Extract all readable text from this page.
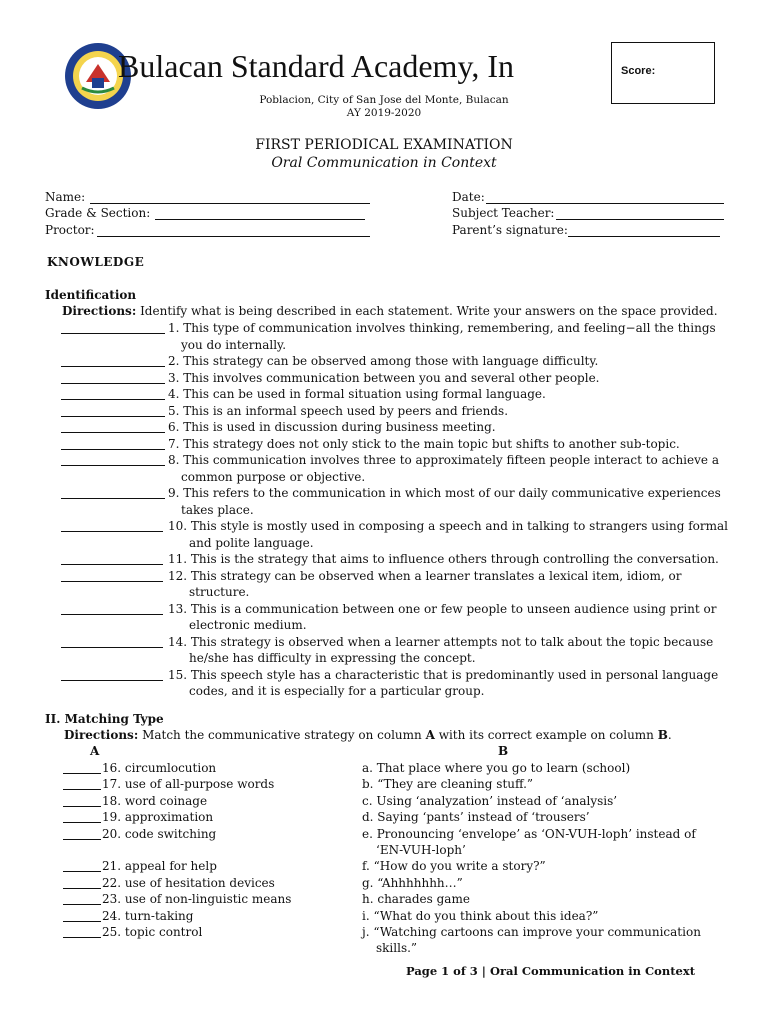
Bulacan Standard Academy, In	Score:
Poblacion, City of San Jose del Monte, Bulacan
AY 2019-2020
FIRST PERIODICAL EXAMINATION
Oral Communication in Context
Name:
Grade & Section:
Proctor:
Date:
Subject Teacher:
Parent’s signature:
KNOWLEDGE
Identification
Directions: Identify what is being described in each statement. Write your answers on the space provided.
1. This type of communication involves thinking, remembering, and feeling−all the things
you do internally.
2. This strategy can be observed among those with language difficulty.
3. This involves communication between you and several other people.
4. This can be used in formal situation using formal language.
5. This is an informal speech used by peers and friends.
6. This is used in discussion during business meeting.
7. This strategy does not only stick to the main topic but shifts to another sub-topic.
8. This communication involves three to approximately fifteen people interact to achieve a
common purpose or objective.
9. This refers to the communication in which most of our daily communicative experiences
takes place.
10. This style is mostly used in composing a speech and in talking to strangers using formal
and polite language.
11. This is the strategy that aims to influence others through controlling the conversation.
12. This strategy can be observed when a learner translates a lexical item, idiom, or
structure.
13. This is a communication between one or few people to unseen audience using print or
electronic medium.
14. This strategy is observed when a learner attempts not to talk about the topic because
he/she has difficulty in expressing the concept.
15. This speech style has a characteristic that is predominantly used in personal language
codes, and it is especially for a particular group.
II. Matching Type
Directions: Match the communicative strategy on column A with its correct example on column B.
A	B
16. circumlocution
17. use of all-purpose words
18. word coinage
19. approximation
20. code switching
21. appeal for help
22. use of hesitation devices
23. use of non-linguistic means
24. turn-taking
25. topic control
a. That place where you go to learn (school)
b. “They are cleaning stuff.”
c. Using ‘analyzation’ instead of ‘analysis’
d. Saying ‘pants’ instead of ‘trousers’
e. Pronouncing ‘envelope’ as ‘ON-VUH-loph’ instead of
‘EN-VUH-loph’
f. “How do you write a story?”
g. “Ahhhhhhh…”
h. charades game
i. “What do you think about this idea?”
j. “Watching cartoons can improve your communication
skills.”
Page 1 of 3 | Oral Communication in Context
